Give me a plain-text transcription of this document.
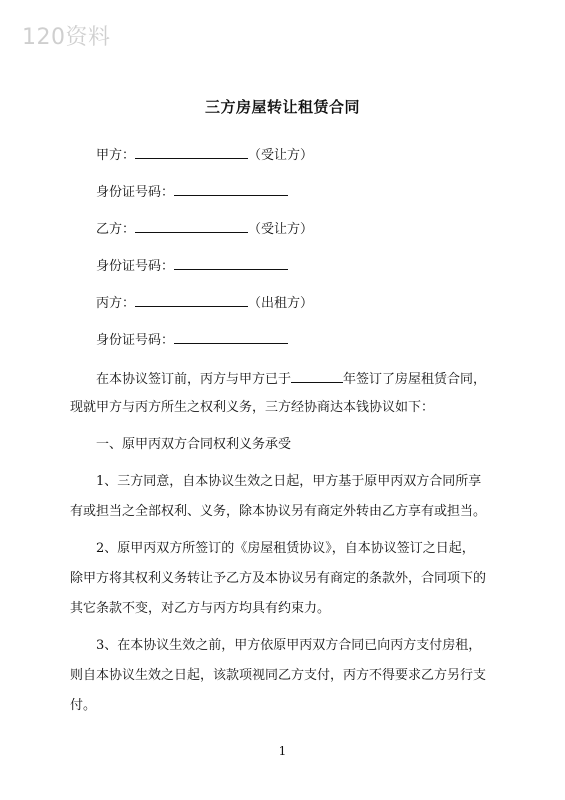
120资料
三方房屋转让租赁合同
甲方：	（受让方）
身份证号码：
乙方：	（受让方）
身份证号码：
丙方：	（出租方）
身份证号码：
在本协议签订前，丙方与甲方已于	年签订了房屋租赁合同，
现就甲方与丙方所生之权利义务，三方经协商达本钱协议如下：
一、原甲丙双方合同权利义务承受
1、三方同意，自本协议生效之日起，甲方基于原甲丙双方合同所享
有或担当之全部权利、义务，除本协议另有商定外转由乙方享有或担当。
2、原甲丙双方所签订的《房屋租赁协议》，自本协议签订之日起，
除甲方将其权利义务转让予乙方及本协议另有商定的条款外，合同项下的
其它条款不变，对乙方与丙方均具有约束力。
3、在本协议生效之前，甲方依原甲丙双方合同已向丙方支付房租，
则自本协议生效之日起，该款项视同乙方支付，丙方不得要求乙方另行支
付。
1
